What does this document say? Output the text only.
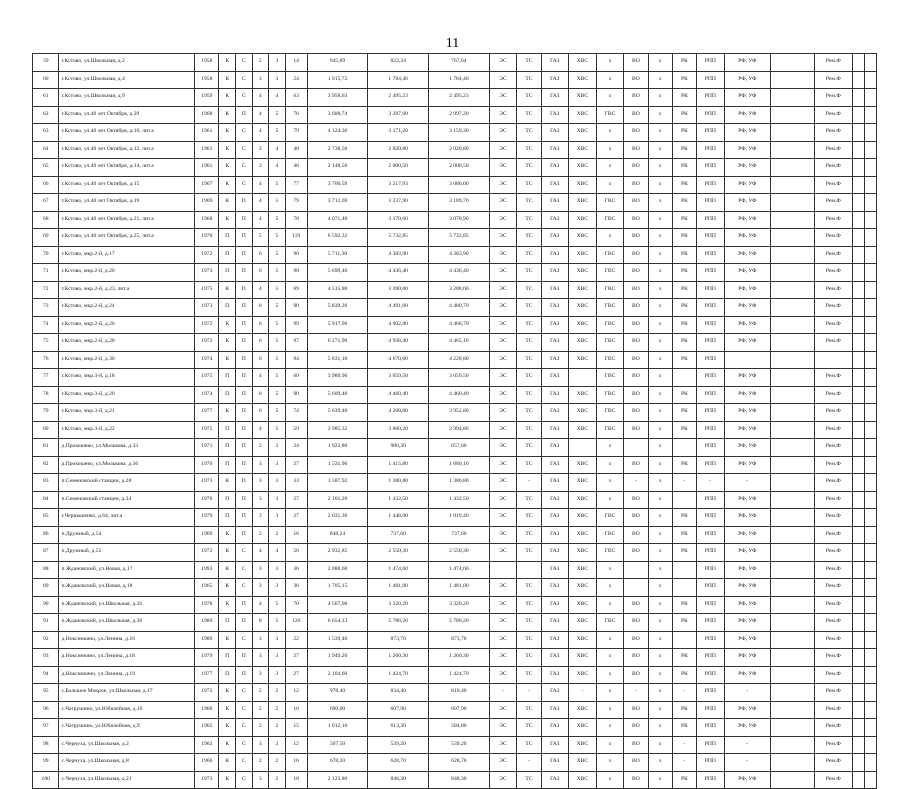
11
59	г.Кстово, ул.Школьная, д.2	1958	К	С	2	3	14	945,69	822,34	767,64	ЭС	ТС	ГАЗ	ХВС	х	ВО	х	РК	РПП	РФ, УФ		Рем.Ф		
60	г.Кстово, ул.Школьная, д.4	1958	К	С	3	3	24	1 915,72	1 784,46	1 784,46	ЭС	ТС	ГАЗ	ХВС	х	ВО	х	РК	РПП	РФ, УФ		Рем.Ф		
61	г.Кстово, ул.Школьная, д.9	1959	К	С	4	4	63	3 958,63	2 495,23	2 495,23	ЭС	ТС	ГАЗ	ХВС	х	ВО	х	РК	РПП	РФ, УФ		Рем.Ф		
62	г.Кстово, ул.40 лет Октября, д.29	1968	К	П	4	5	76	3 688,74	3 287,60	2 997,20	ЭС	ТС	ГАЗ	ХВС	ГВС	ВО	х	РК	РПП	РФ, УФ		Рем.Ф		
63	г.Кстово, ул.40 лет Октября, д.10, лит.а	1961	К	С	4	5	79	4 124,30	3 171,20	3 159,30	ЭС	ТС	ГАЗ	ХВС	х	ВО	х	РК	РПП	РФ, УФ		Рем.Ф		
64	г.Кстово, ул.40 лет Октября, д.12, лит.а	1961	К	С	3	4	48	2 738,50	2 020,80	2 020,80	ЭС	ТС	ГАЗ	ХВС	х	ВО	х	РК	РПП	РФ, УФ		Рем.Ф		
65	г.Кстово, ул.40 лет Октября, д.14, лит.а	1961	К	С	3	4	48	2 148,50	2 000,50	2 000,50	ЭС	ТС	ГАЗ	ХВС	х	ВО	х	РК	РПП	РФ, УФ		Рем.Ф		
66	г.Кстово, ул.40 лет Октября, д.15	1967	К	С	4	5	77	3 700,59	3 217,93	3 086,00	ЭС	ТС	ГАЗ	ХВС	х	ВО	х	РК	РПП	РФ, УФ		Рем.Ф		
67	г.Кстово, ул.40 лет Октября, д.19	1969	К	П	4	5	79	3 712,69	3 237,90	3 189,70	ЭС	ТС	ГАЗ	ХВС	ГВС	ВО	х	РК	РПП	РФ, УФ		Рем.Ф		
68	г.Кстово, ул.40 лет Октября, д.21, лит.а	1968	К	П	4	5	78	4 071,40	3 170,60	3 078,90	ЭС	ТС	ГАЗ	ХВС	ГВС	ВО	х	РК	РПП	РФ, УФ		Рем.Ф		
69	г.Кстово, ул.40 лет Октября, д.25, лит.а	1970	П	П	5	5	119	6 592,32	5 732,85	5 732,85	ЭС	ТС	ГАЗ	ХВС	х	ВО	х	РК	РПП	РФ, УФ		Рем.Ф		
70	г.Кстово, мкр.2-й, д.17	1972	П	П	6	5	90	5 711,30	4 383,90	4 383,90	ЭС	ТС	ГАЗ	ХВС	ГВС	ВО	х	РК	РПП	РФ, УФ		Рем.Ф		
71	г.Кстово, мкр.2-й, д.20	1973	П	П	6	5	90	5 699,40	4 436,40	4 436,40	ЭС	ТС	ГАЗ	ХВС	ГВС	ВО	х	РК	РПП	РФ, УФ		Рем.Ф		
72	г.Кстово, мкр.2-й, д.23, лит.а	1975	К	П	4	5	69	4 515,80	3 390,00	3 288,60	ЭС	ТС	ГАЗ	ХВС	ГВС	ВО	х	РК	РПП	РФ, УФ		Рем.Ф		
73	г.Кстово, мкр.2-й, д.24	1973	П	П	6	5	90	5 839,20	4 491,60	4 480,70	ЭС	ТС	ГАЗ	ХВС	ГВС	ВО	х	РК	РПП	РФ, УФ		Рем.Ф		
74	г.Кстово, мкр.2-й, д.26	1972	К	П	6	5	99	5 917,90	4 902,80	4 468,70	ЭС	ТС	ГАЗ	ХВС	ГВС	ВО	х	РК	РПП	РФ, УФ		Рем.Ф		
75	г.Кстово, мкр.2-й, д.28	1972	К	П	6	5	97	6 271,90	4 938,40	4 465,10	ЭС	ТС	ГАЗ	ХВС	ГВС	ВО	х	РК	РПП	РФ, УФ		Рем.Ф		
76	г.Кстово, мкр.2-й, д.30	1974	К	П	6	5	94	5 831,10	4 670,00	4 228,80	ЭС	ТС	ГАЗ	ХВС	ГВС	ВО	х	РК	РПП					
77	г.Кстово, мкр.3-й, д.18	1975	П	П	4	5	60	3 989,90	3 059,50	3 059,50	ЭС	ТС	ГАЗ		ГВС	ВО	х		РПП	РФ, УФ		Рем.Ф		
78	г.Кстово, мкр.3-й, д.20	1974	П	П	6	5	90	5 609,40	4 460,40	4 460,40	ЭС	ТС	ГАЗ	ХВС	ГВС	ВО	х	РК	РПП	РФ, УФ		Рем.Ф		
79	г.Кстово, мкр.3-й, д.21	1977	К	П	6	5	74	5 639,40	4 208,80	3 952,80	ЭС	ТС	ГАЗ	ХВС	ГВС	ВО	х	РК	РПП	РФ, УФ		Рем.Ф		
80	г.Кстово, мкр.3-й, д.22	1975	П	П	4	5	59	3 985,32	3 060,20	2 994,86	ЭС	ТС	ГАЗ	ХВС	ГВС	ВО	х	РК	РПП	РФ, УФ		Рем.Ф		
81	д.Прокошево, ул.Молькова, д.33	1971	П	П	2	3	24	1 922,80	980,30	657,60	ЭС	ТС	ГАЗ		х		х		РПП	РФ, УФ		Рем.Ф		
82	д.Прокошево, ул.Молькова, д.36	1976	П	П	3	3	27	1 531,90	1 415,80	1 080,10	ЭС	ТС	ГАЗ	ХВС	х	ВО	х	РК	РПП	РФ, УФ		Рем.Ф		
83	п.Семеновский станции, д.28	1973	К	П	3	3	33	1 587,92	1 380,80	1 380,80	ЭС	-	ГАЗ	ХВС	х	-	х	-	-	-		Рем.Ф		
84	п.Семеновский станции, д.34	1976	П	П	3	3	27	2 161,20	1 432,50	1 432,50	ЭС	ТС	ГАЗ	ХВС	х	ВО	х		РПП	РФ, УФ		Рем.Ф		
85	г.Чернышенко, д.64, лит.а	1979	П	П	3	3	27	2 031,30	1 448,00	1 019,40	ЭС	ТС	ГАЗ	ХВС	ГВС	ВО	х	РК	РПП	РФ, УФ		Рем.Ф		
86	п.Дружный, д.54	1969	К	П	2	2	16	848,24	737,60	737,60	ЭС	ТС	ГАЗ	ХВС	ГВС	ВО	х	РК	РПП	РФ, УФ		Рем.Ф		
87	п.Дружный, д.55	1972	К	С	4	4	56	2 932,85	2 550,30	2 550,30	ЭС	ТС	ГАЗ	ХВС	ГВС	ВО	х	РК	РПП	РФ, УФ		Рем.Ф		
88	п.Ждановский, ул.Новая, д.17	1993	К	С	3	3	36	2 080,60	1 474,60	1 474,60			ГАЗ	ХВС	х		х		РПП	РФ, УФ		Рем.Ф		
89	п.Ждановский, ул.Новая, д.18	1965	К	С	3	3	36	1 705,15	1 481,00	1 481,00	ЭС	ТС	ГАЗ	ХВС	х		х		РПП	РФ, УФ		Рем.Ф		
90	п.Ждановский, ул.Школьная, д.26	1978	К	П	4	5	70	4 567,00	3 320,20	3 320,20	ЭС	ТС	ГАЗ	ХВС	х	ВО	х	РК	РПП	РФ, УФ		Рем.Ф		
91	п.Ждановский, ул.Школьная, д.30	1980	П	П	8	5	120	6 654,13	5 786,20	5 786,20	ЭС	ТС	ГАЗ	ХВС	ГВС	ВО	х	РК	РПП	РФ, УФ		Рем.Ф		
92	д.Ноксинкино, ул.Ленина, д.16	1989	К	С	3	3	22	1 539,40	873,70	873,70	ЭС	ТС	ГАЗ	ХВС	х	ВО	х		РПП	РФ, УФ		Рем.Ф		
93	д.Ноксинкино, ул.Ленина, д.18	1979	П	П	3	3	27	1 949,20	1 260,30	1 260,30	ЭС	ТС	ГАЗ	ХВС	х	ВО	х	РК	РПП	РФ, УФ		Рем.Ф		
94	д.Ноксинкино, ул.Ленина, д.19	1977	П	П	3	3	27	2 104,60	1 424,70	1 424,70	ЭС	ТС	ГАЗ	ХВС	х	ВО	х	РК	РПП	РФ, УФ		Рем.Ф		
95	с.Большое Мокрое, ул.Школьная, д.17	1972	К	С	2	2	12	978,40	834,40	810,40	-	-	ГАЗ	-	х	-	х	-	РПП	-		Рем.Ф		
96	с.Чагрушино, ул.Юбилейная, д.10	1966	К	С	2	2	16	690,00	607,90	607,90	ЭС	ТС	ГАЗ	ХВС	х	ВО	х	РК	РПП	РФ, УФ		Рем.Ф		
97	с.Чагрушино, ул.Юбилейная, д.9	1965	К	С	2	2	15	1 012,10	613,30	584,80	ЭС	ТС	ГАЗ	ХВС	х	ВО	х	РК	РПП	РФ, УФ		Рем.Ф		
98	с.Чернуха, ул.Школьная, д.2	1962	К	С	3	2	12	507,50	539,20	539,20	ЭС	ТС	ГАЗ	ХВС	х	ВО	х	-	РПП	-		Рем.Ф		
99	с.Чернуха, ул.Школьная, д.8	1966	К	С	2	2	16	678,20	628,70	628,70	ЭС	-	ГАЗ	ХВС	х	ВО	х	-	РПП	-		Рем.Ф		
100	с.Чернуха, ул.Школьная, д.21	1973	К	С	3	2	18	2 123,80	848,30	848,30	ЭС	ТС	ГАЗ	ХВС	х	ВО	х	РК	РПП	РФ, УФ		Рем.Ф		
